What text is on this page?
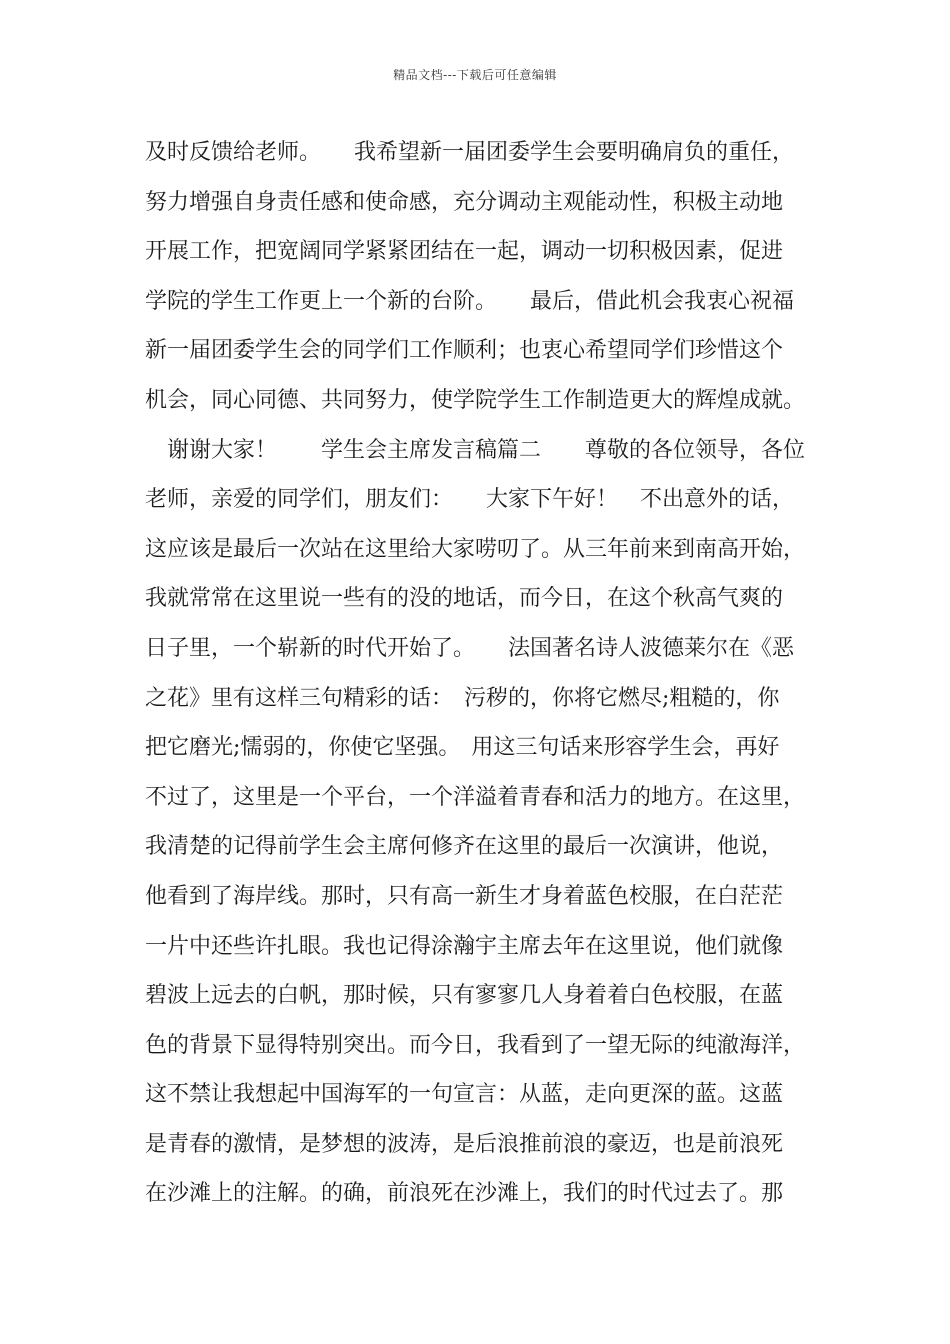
精品文档---下载后可任意编辑
及时反馈给老师。　　我希望新一届团委学生会要明确肩负的重任，
努力增强自身责任感和使命感，充分调动主观能动性，积极主动地
开展工作，把宽阔同学紧紧团结在一起，调动一切积极因素，促进
学院的学生工作更上一个新的台阶。　　最后，借此机会我衷心祝福
新一届团委学生会的同学们工作顺利；也衷心希望同学们珍惜这个
机会，同心同德、共同努力，使学院学生工作制造更大的辉煌成就。
　谢谢大家！　　学生会主席发言稿篇二　　尊敬的各位领导，各位
老师，亲爱的同学们，朋友们：　　大家下午好！　不出意外的话，
这应该是最后一次站在这里给大家唠叨了。从三年前来到南高开始，
我就常常在这里说一些有的没的地话，而今日，在这个秋高气爽的
日子里，一个崭新的时代开始了。　　法国著名诗人波德莱尔在《恶
之花》里有这样三句精彩的话：　污秽的，你将它燃尽;粗糙的，你
把它磨光;懦弱的，你使它坚强。　用这三句话来形容学生会，再好
不过了，这里是一个平台，一个洋溢着青春和活力的地方。在这里，
我清楚的记得前学生会主席何修齐在这里的最后一次演讲，他说，
他看到了海岸线。那时，只有高一新生才身着蓝色校服，在白茫茫
一片中还些许扎眼。我也记得涂瀚宇主席去年在这里说，他们就像
碧波上远去的白帆，那时候，只有寥寥几人身着着白色校服，在蓝
色的背景下显得特别突出。而今日，我看到了一望无际的纯澈海洋，
这不禁让我想起中国海军的一句宣言：从蓝，走向更深的蓝。这蓝
是青春的激情，是梦想的波涛，是后浪推前浪的豪迈，也是前浪死
在沙滩上的注解。的确，前浪死在沙滩上，我们的时代过去了。那
